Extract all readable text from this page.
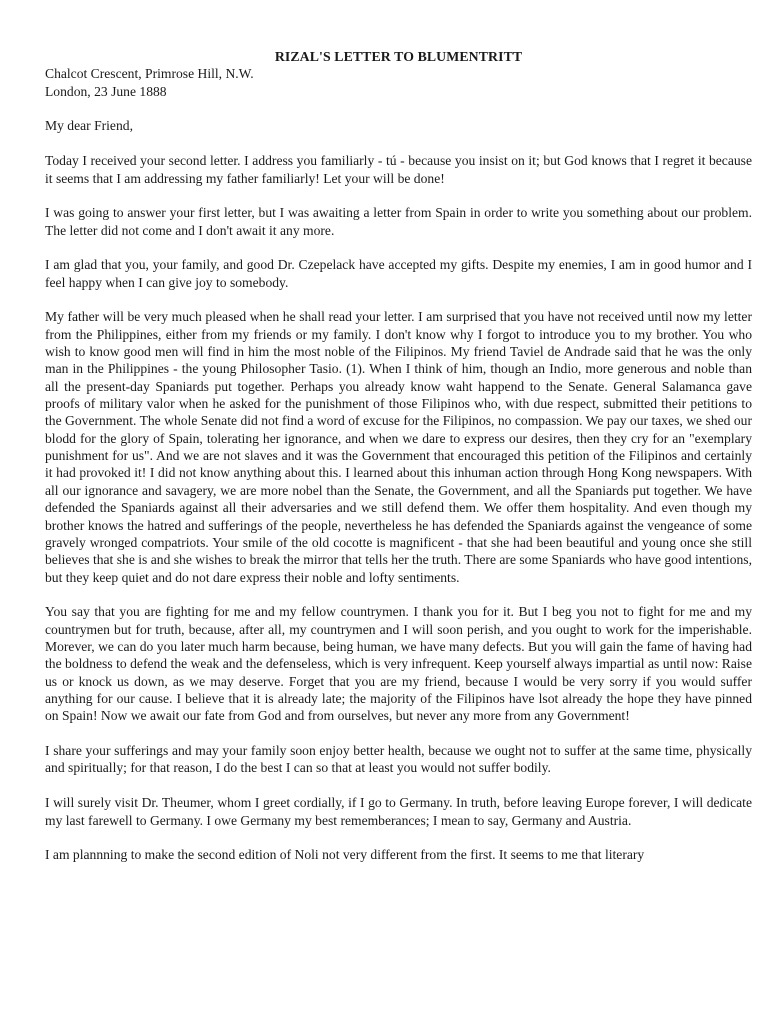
RIZAL'S LETTER TO BLUMENTRITT
Chalcot Crescent, Primrose Hill, N.W.
London, 23 June 1888
My dear Friend,
Today I received your second letter. I address you familiarly - tú - because you insist on it; but God knows that I regret it because it seems that I am addressing my father familiarly! Let your will be done!
I was going to answer your first letter, but I was awaiting a letter from Spain in order to write you something about our problem. The letter did not come and I don't await it any more.
I am glad that you, your family, and good Dr. Czepelack have accepted my gifts. Despite my enemies, I am in good humor and I feel happy when I can give joy to somebody.
My father will be very much pleased when he shall read your letter. I am surprised that you have not received until now my letter from the Philippines, either from my friends or my family. I don't know why I forgot to introduce you to my brother. You who wish to know good men will find in him the most noble of the Filipinos. My friend Taviel de Andrade said that he was the only man in the Philippines - the young Philosopher Tasio. (1). When I think of him, though an Indio, more generous and noble than all the present-day Spaniards put together. Perhaps you already know waht happend to the Senate. General Salamanca gave proofs of military valor when he asked for the punishment of those Filipinos who, with due respect, submitted their petitions to the Government. The whole Senate did not find a word of excuse for the Filipinos, no compassion. We pay our taxes, we shed our blodd for the glory of Spain, tolerating her ignorance, and when we dare to express our desires, then they cry for an "exemplary punishment for us". And we are not slaves and it was the Government that encouraged this petition of the Filipinos and certainly it had provoked it! I did not know anything about this. I learned about this inhuman action through Hong Kong newspapers. With all our ignorance and savagery, we are more nobel than the Senate, the Government, and all the Spaniards put together. We have defended the Spaniards against all their adversaries and we still defend them. We offer them hospitality. And even though my brother knows the hatred and sufferings of the people, nevertheless he has defended the Spaniards against the vengeance of some gravely wronged compatriots. Your smile of the old cocotte is magnificent - that she had been beautiful and young once she still believes that she is and she wishes to break the mirror that tells her the truth. There are some Spaniards who have good intentions, but they keep quiet and do not dare express their noble and lofty sentiments.
You say that you are fighting for me and my fellow countrymen. I thank you for it. But I beg you not to fight for me and my countrymen but for truth, because, after all, my countrymen and I will soon perish, and you ought to work for the imperishable. Morever, we can do you later much harm because, being human, we have many defects. But you will gain the fame of having had the boldness to defend the weak and the defenseless, which is very infrequent. Keep yourself always impartial as until now: Raise us or knock us down, as we may deserve. Forget that you are my friend, because I would be very sorry if you would suffer anything for our cause. I believe that it is already late; the majority of the Filipinos have lsot already the hope they have pinned on Spain! Now we await our fate from God and from ourselves, but never any more from any Government!
I share your sufferings and may your family soon enjoy better health, because we ought not to suffer at the same time, physically and spiritually; for that reason, I do the best I can so that at least you would not suffer bodily.
I will surely visit Dr. Theumer, whom I greet cordially, if I go to Germany. In truth, before leaving Europe forever, I will dedicate my last farewell to Germany. I owe Germany my best rememberances; I mean to say, Germany and Austria.
I am plannning to make the second edition of Noli not very different from the first. It seems to me that literary
